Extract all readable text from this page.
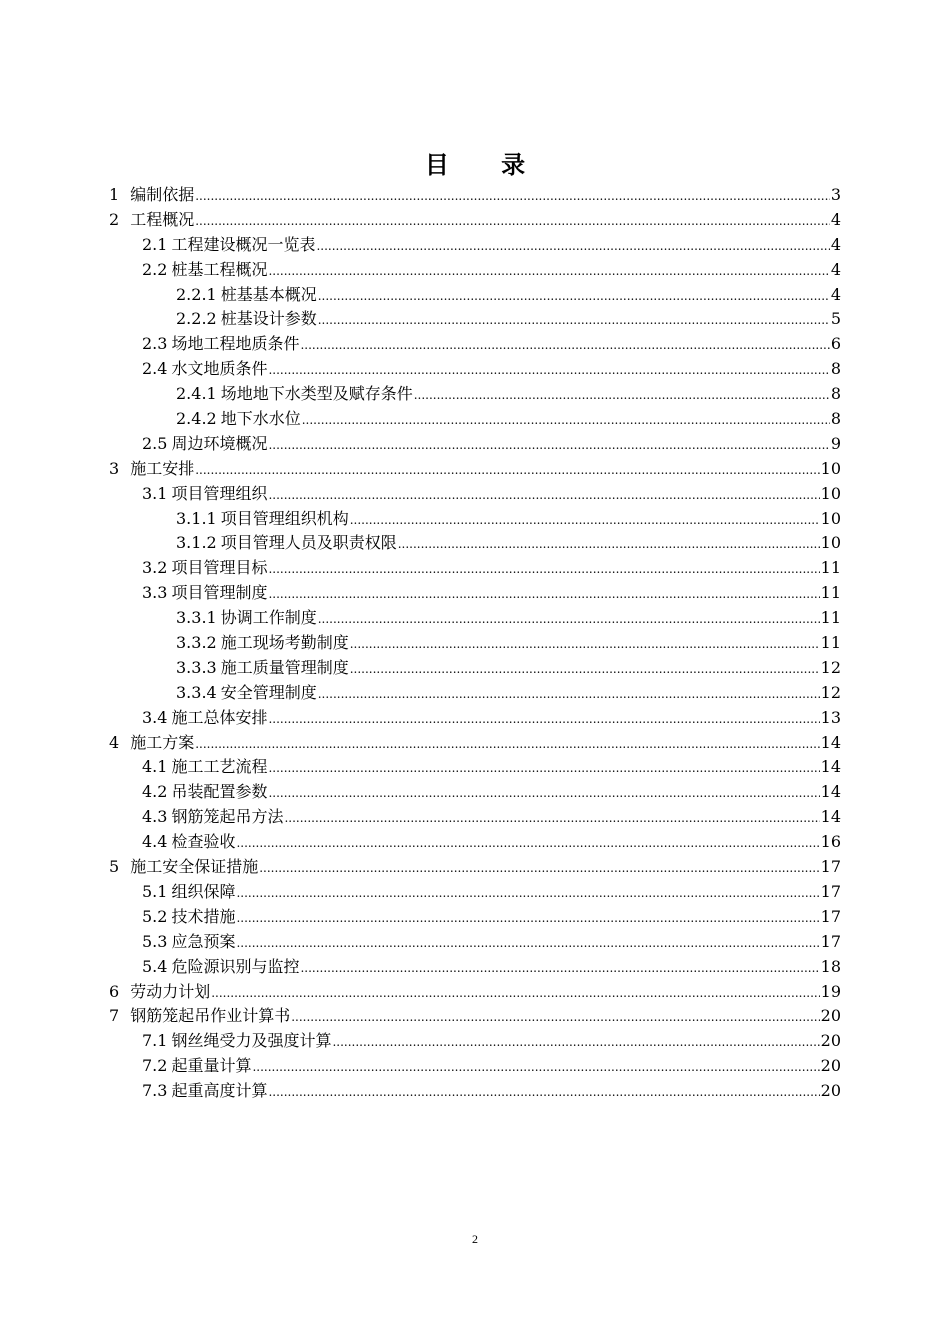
目 录
1 编制依据 .....	3
2 工程概况 .....	4
2.1 工程建设概况一览表 .....	4
2.2 桩基工程概况 .....	4
2.2.1 桩基基本概况 .....	4
2.2.2 桩基设计参数 .....	5
2.3 场地工程地质条件 .....	6
2.4 水文地质条件 .....	8
2.4.1 场地地下水类型及赋存条件 .....	8
2.4.2 地下水水位 .....	8
2.5 周边环境概况 .....	9
3 施工安排 .....	10
3.1 项目管理组织 .....	10
3.1.1 项目管理组织机构 .....	10
3.1.2 项目管理人员及职责权限 .....	10
3.2 项目管理目标 .....	11
3.3 项目管理制度 .....	11
3.3.1 协调工作制度 .....	11
3.3.2 施工现场考勤制度 .....	11
3.3.3 施工质量管理制度 .....	12
3.3.4 安全管理制度 .....	12
3.4 施工总体安排 .....	13
4 施工方案 .....	14
4.1 施工工艺流程 .....	14
4.2 吊装配置参数 .....	14
4.3 钢筋笼起吊方法 .....	14
4.4 检查验收 .....	16
5 施工安全保证措施 .....	17
5.1 组织保障 .....	17
5.2 技术措施 .....	17
5.3 应急预案 .....	17
5.4 危险源识别与监控 .....	18
6 劳动力计划 .....	19
7 钢筋笼起吊作业计算书 .....	20
7.1 钢丝绳受力及强度计算 .....	20
7.2 起重量计算 .....	20
7.3 起重高度计算 .....	20
2
